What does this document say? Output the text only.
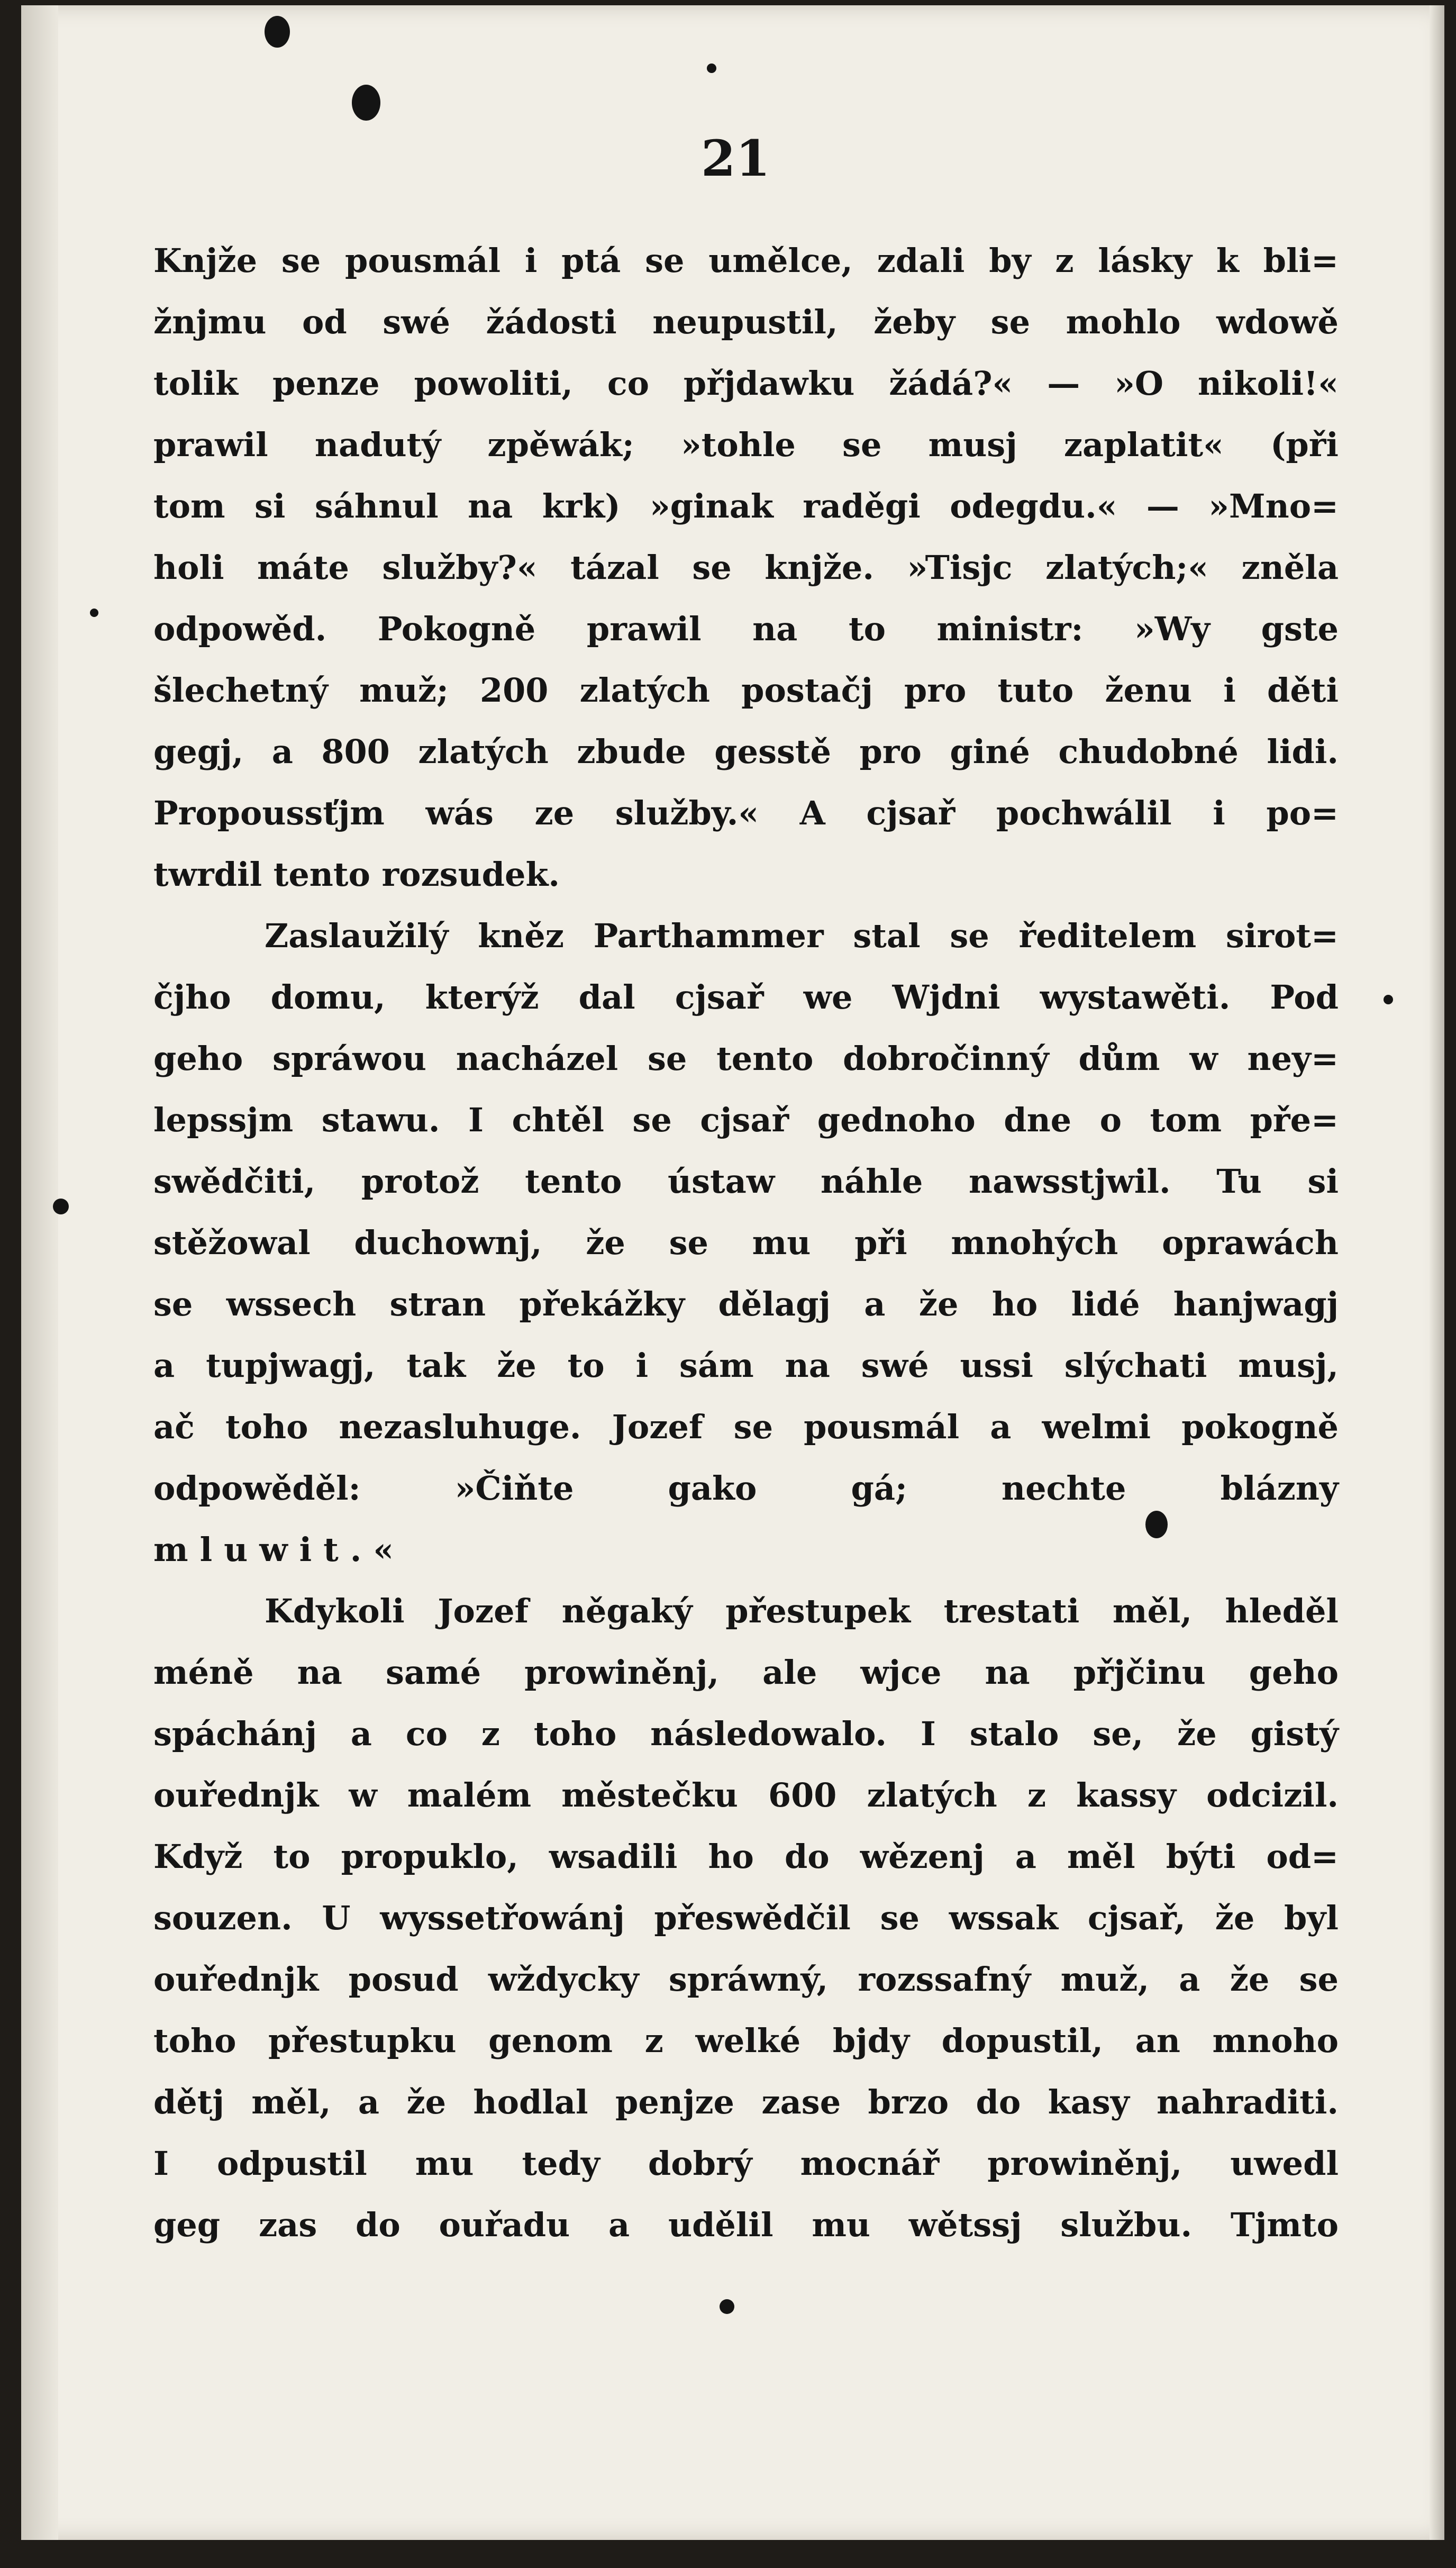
21
Knjže se pousmál i ptá se umělce, zdali by z lásky k bli=
žnjmu od swé žádosti neupustil, žeby se mohlo wdowě
tolik penze powoliti, co přjdawku žádá?« — »O nikoli!«
prawil nadutý zpěwák; »tohle se musj zaplatit« (při
tom si sáhnul na krk) »ginak raděgi odegdu.« — »Mno=
holi máte služby?« tázal se knjže. »Tisjc zlatých;« zněla
odpowěd. Pokogně prawil na to ministr: »Wy gste
šlechetný muž; 200 zlatých postačj pro tuto ženu i děti
gegj, a 800 zlatých zbude gesstě pro giné chudobné lidi.
Propoussťjm wás ze služby.« A cjsař pochwálil i po=
twrdil tento rozsudek.
Zaslaužilý kněz Parthammer stal se ředitelem sirot=
čjho domu, kterýž dal cjsař we Wjdni wystawěti. Pod
geho spráwou nacházel se tento dobročinný dům w ney=
lepssjm stawu. I chtěl se cjsař gednoho dne o tom pře=
swědčiti, protož tento ústaw náhle nawsstjwil. Tu si
stěžowal duchownj, že se mu při mnohých oprawách
se wssech stran překážky dělagj a že ho lidé hanjwagj
a tupjwagj, tak že to i sám na swé ussi slýchati musj,
ač toho nezasluhuge. Jozef se pousmál a welmi pokogně
odpowěděl: »Čiňte gako gá; nechte blázny
mluwit.«
Kdykoli Jozef něgaký přestupek trestati měl, hleděl
méně na samé prowiněnj, ale wjce na přjčinu geho
spáchánj a co z toho následowalo. I stalo se, že gistý
ouřednjk w malém městečku 600 zlatých z kassy odcizil.
Když to propuklo, wsadili ho do wězenj a měl býti od=
souzen. U wyssetřowánj přeswědčil se wssak cjsař, že byl
ouřednjk posud wždycky spráwný, rozssafný muž, a že se
toho přestupku genom z welké bjdy dopustil, an mnoho
dětj měl, a že hodlal penjze zase brzo do kasy nahraditi.
I odpustil mu tedy dobrý mocnář prowiněnj, uwedl
geg zas do ouřadu a udělil mu wětssj službu. Tjmto
